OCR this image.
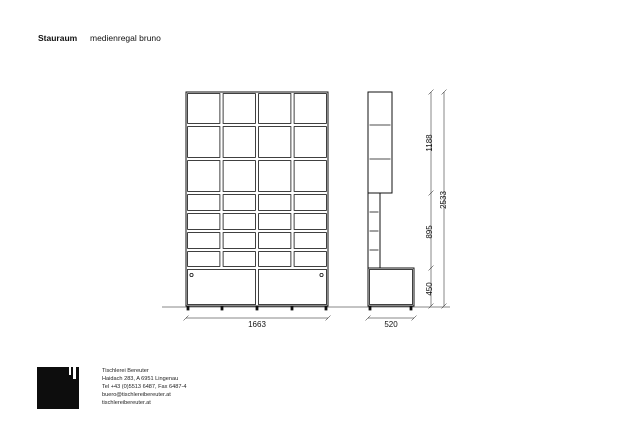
Stauraum medienregal bruno
1663	520
1188
895
450
2533
Tischlerei Bereuter
Haidach 283, A 6951 Lingenau
Tel +43 (0)5513 6487, Fax 6487-4
buero@tischlereibereuter.at
tischlereibereuter.at
